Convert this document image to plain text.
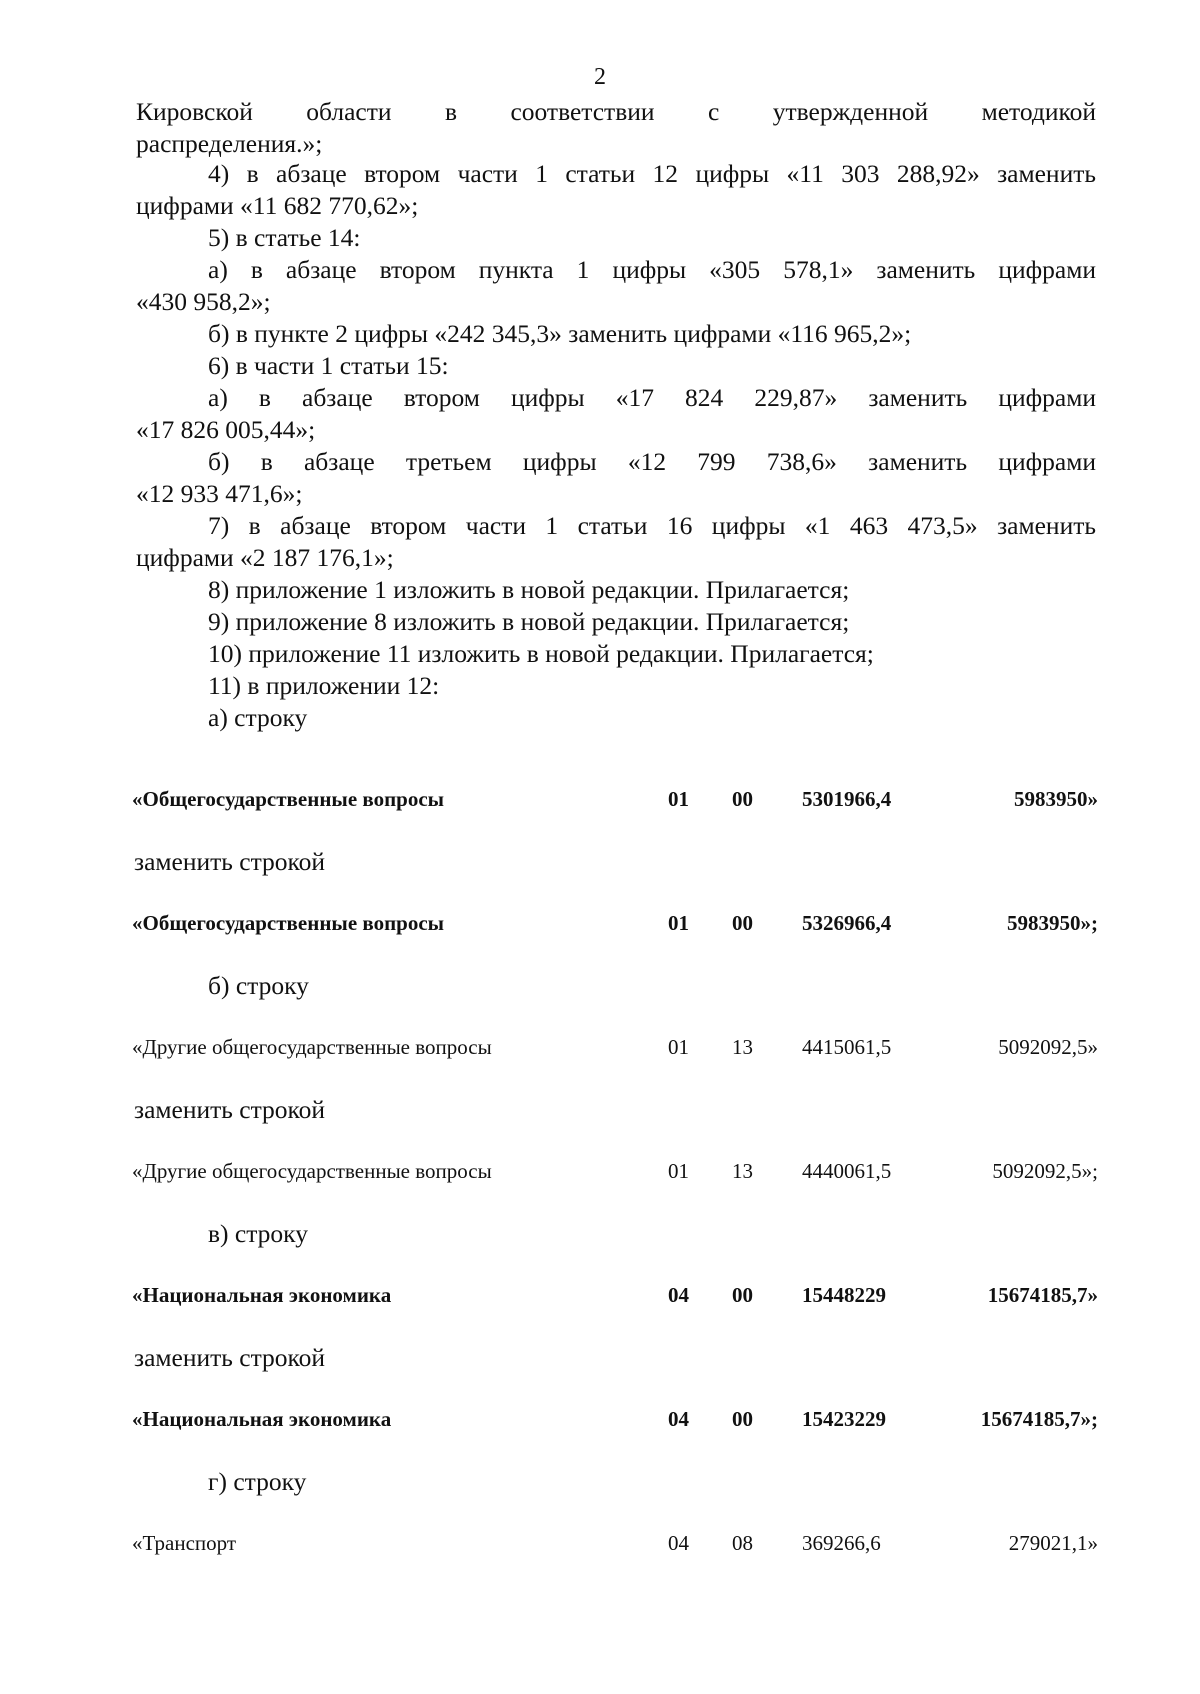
2

Кировской области в соответствии с утвержденной методикой

распределения.»;

4) в абзаце втором части 1 статьи 12 цифры «11 303 288,92» заменить

цифрами «11 682 770,62»;

5) в статье 14:

а) в абзаце втором пункта 1 цифры «305 578,1» заменить цифрами

«430 958,2»;

б) в пункте 2 цифры «242 345,3» заменить цифрами «116 965,2»;

6) в части 1 статьи 15:

а) в абзаце втором цифры «17 824 229,87» заменить цифрами

«17 826 005,44»;

б) в абзаце третьем цифры «12 799 738,6» заменить цифрами

«12 933 471,6»;

7) в абзаце втором части 1 статьи 16 цифры «1 463 473,5» заменить

цифрами «2 187 176,1»;

8) приложение 1 изложить в новой редакции. Прилагается;

9) приложение 8 изложить в новой редакции. Прилагается;

10) приложение 11 изложить в новой редакции. Прилагается;

11) в приложении 12:

а) строку

«Общегосударственные вопросы	01 00 5301966,4	5983950»
заменить строкой
«Общегосударственные вопросы	01 00 5326966,4	5983950»;
б) строку
«Другие общегосударственные вопросы	01 13 4415061,5	5092092,5»
заменить строкой
«Другие общегосударственные вопросы	01 13 4440061,5	5092092,5»;
в) строку
«Национальная экономика	04 00 15448229	15674185,7»
заменить строкой
«Национальная экономика	04 00 15423229	15674185,7»;
г) строку
«Транспорт	04 08 369266,6	279021,1»
